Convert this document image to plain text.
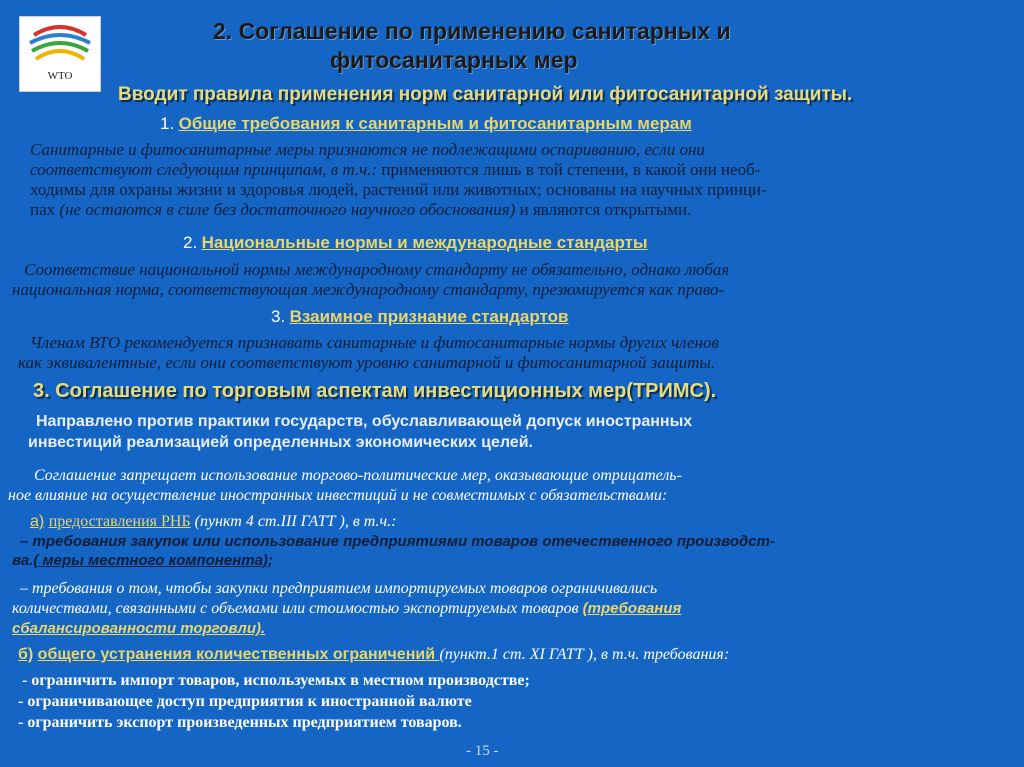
WTO
2. Соглашение по применению санитарных и
фитосанитарных мер
Вводит правила применения норм санитарной или фитосанитарной защиты.
1. Общие требования к санитарным и фитосанитарным мерам
Санитарные и фитосанитарные меры признаются не подлежащими оспариванию, если они
соответствуют следующим принципам, в т.ч.: применяются лишь в той степени, в какой они необ-
ходимы для охраны жизни и здоровья людей, растений или животных; основаны на научных принци-
пах (не остаются в силе без достаточного научного обоснования) и являются открытыми.
2. Национальные нормы и международные стандарты
Соответствие национальной нормы международному стандарту не обязательно, однако любая
национальная норма, соответствующая международному стандарту, презюмируется как право-
3. Взаимное признание стандартов
Членам ВТО рекомендуется признавать санитарные и фитосанитарные нормы других членов
как эквивалентные, если они соответствуют уровню санитарной и фитосанитарной защиты.
3. Соглашение по торговым аспектам инвестиционных мер(ТРИМС).
Направлено против практики государств, обуславливающей допуск иностранных
инвестиций реализацией определенных экономических целей.
Соглашение запрещает использование торгово-политические мер, оказывающие отрицатель-
ное влияние на осуществление иностранных инвестиций и не совместимых с обязательствами:
а) предоставления РНБ (пункт 4 ст.III ГАТТ ), в т.ч.:
– требования закупок или использование предприятиями товаров отечественного производст-
ва.( меры местного компонента);
– требования о том, чтобы закупки предприятием импортируемых товаров ограничивались
количествами, связанными с объемами или стоимостью экспортируемых товаров (требования
сбалансированности торговли).
б) общего устранения количественных ограничений (пункт.1 ст. XI ГАТТ ), в т.ч. требования:
- ограничить импорт товаров, используемых в местном производстве;
- ограничивающее доступ предприятия к иностранной валюте
- ограничить экспорт произведенных предприятием товаров.
- 15 -
